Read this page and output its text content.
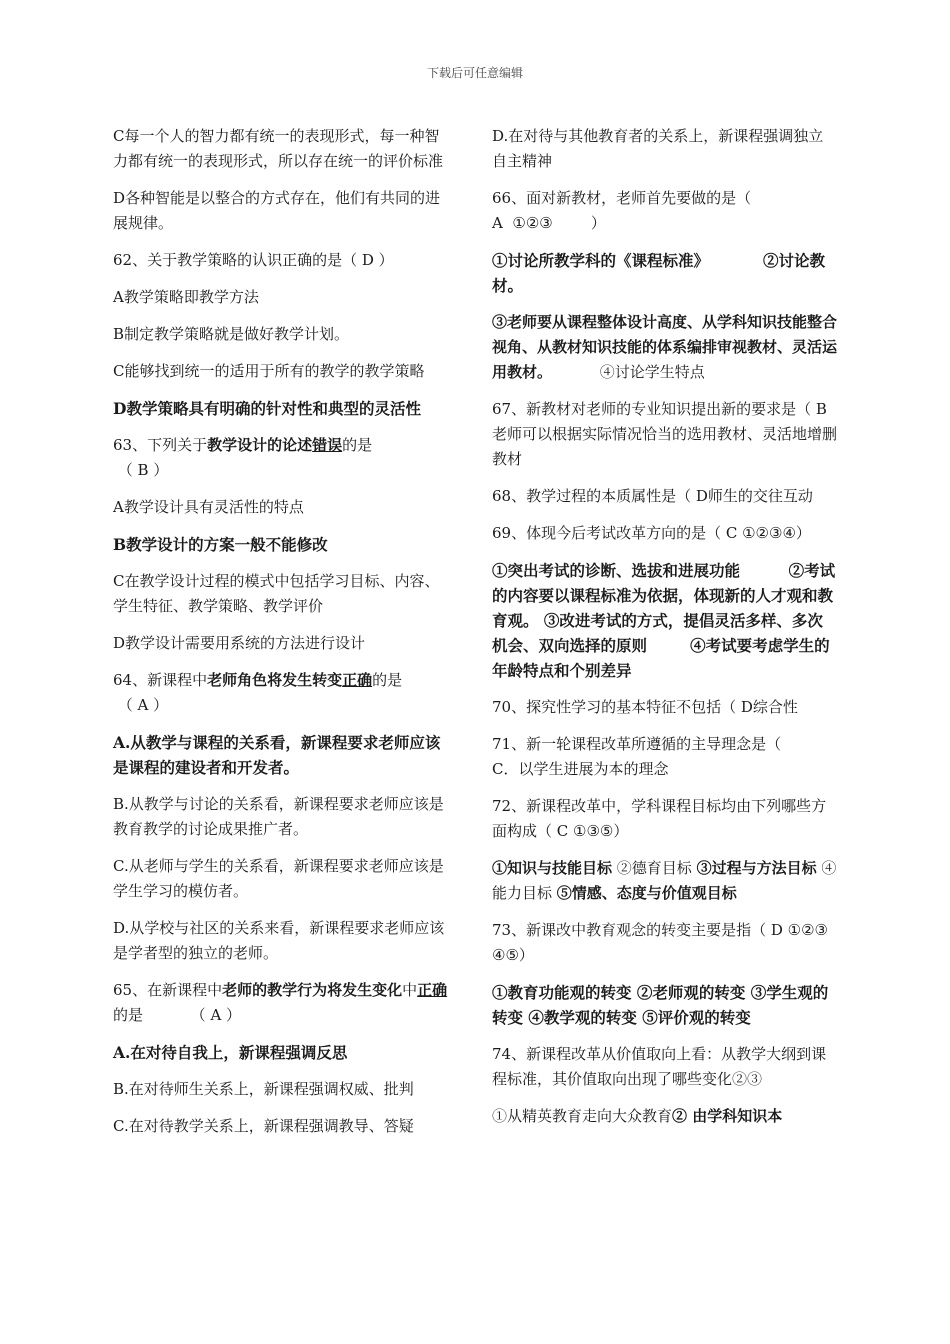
下载后可任意编辑

C每一个人的智力都有统一的表现形式，每一种智力都有统一的表现形式，所以存在统一的评价标准

D各种智能是以整合的方式存在，他们有共同的进展规律。

62、关于教学策略的认识正确的是（ D ）

A教学策略即教学方法

B制定教学策略就是做好教学计划。

C能够找到统一的适用于所有的教学的教学策略

D教学策略具有明确的针对性和典型的灵活性

63、下列关于教学设计的论述错误的是
（ B ）

A教学设计具有灵活性的特点

B教学设计的方案一般不能修改

C在教学设计过程的模式中包括学习目标、内容、学生特征、教学策略、教学评价

D教学设计需要用系统的方法进行设计

64、新课程中老师角色将发生转变正确的是
（ A ）

A.从教学与课程的关系看，新课程要求老师应该是课程的建设者和开发者。

B.从教学与讨论的关系看，新课程要求老师应该是教育教学的讨论成果推广者。

C.从老师与学生的关系看，新课程要求老师应该是学生学习的模仿者。

D.从学校与社区的关系来看，新课程要求老师应该是学者型的独立的老师。

65、在新课程中老师的教学行为将发生变化中正确的是          （ A ）

A.在对待自我上，新课程强调反思

B.在对待师生关系上，新课程强调权威、批判

C.在对待教学关系上，新课程强调教导、答疑

D.在对待与其他教育者的关系上，新课程强调独立自主精神

66、面对新教材，老师首先要做的是（
A  ①②③        ）

①讨论所教学科的《课程标准》          ②讨论教材。

③老师要从课程整体设计高度、从学科知识技能整合视角、从教材知识技能的体系编排审视教材、灵活运用教材。          ④讨论学生特点

67、新教材对老师的专业知识提出新的要求是（ B老师可以根据实际情况恰当的选用教材、灵活地增删教材

68、教学过程的本质属性是（ D师生的交往互动

69、体现今后考试改革方向的是（ C ①②③④）

①突出考试的诊断、选拔和进展功能         ②考试的内容要以课程标准为依据，体现新的人才观和教育观。 ③改进考试的方式，提倡灵活多样、多次机会、双向选择的原则        ④考试要考虑学生的年龄特点和个别差异

70、探究性学习的基本特征不包括（ D综合性

71、新一轮课程改革所遵循的主导理念是（
C．以学生进展为本的理念

72、新课程改革中，学科课程目标均由下列哪些方面构成（ C ①③⑤）

①知识与技能目标 ②德育目标 ③过程与方法目标 ④能力目标 ⑤情感、态度与价值观目标

73、新课改中教育观念的转变主要是指（ D ①②③④⑤）

①教育功能观的转变 ②老师观的转变 ③学生观的转变 ④教学观的转变 ⑤评价观的转变

74、新课程改革从价值取向上看：从教学大纲到课程标准，其价值取向出现了哪些变化②③

①从精英教育走向大众教育② 由学科知识本
